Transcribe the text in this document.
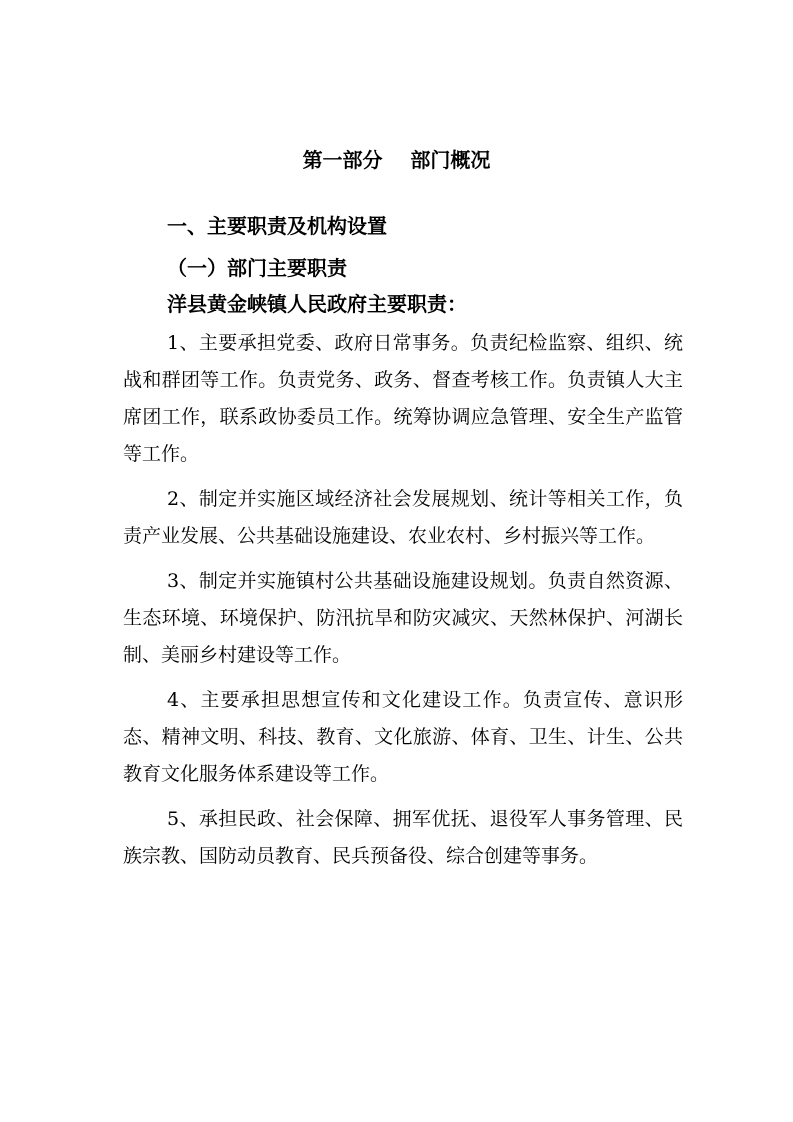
第一部分    部门概况
一、主要职责及机构设置
（一）部门主要职责
洋县黄金峡镇人民政府主要职责：

1、主要承担党委、政府日常事务。负责纪检监察、组织、统战和群团等工作。负责党务、政务、督查考核工作。负责镇人大主席团工作，联系政协委员工作。统筹协调应急管理、安全生产监管等工作。

2、制定并实施区域经济社会发展规划、统计等相关工作，负责产业发展、公共基础设施建设、农业农村、乡村振兴等工作。

3、制定并实施镇村公共基础设施建设规划。负责自然资源、生态环境、环境保护、防汛抗旱和防灾减灾、天然林保护、河湖长制、美丽乡村建设等工作。

4、主要承担思想宣传和文化建设工作。负责宣传、意识形态、精神文明、科技、教育、文化旅游、体育、卫生、计生、公共教育文化服务体系建设等工作。

5、承担民政、社会保障、拥军优抚、退役军人事务管理、民族宗教、国防动员教育、民兵预备役、综合创建等事务。
